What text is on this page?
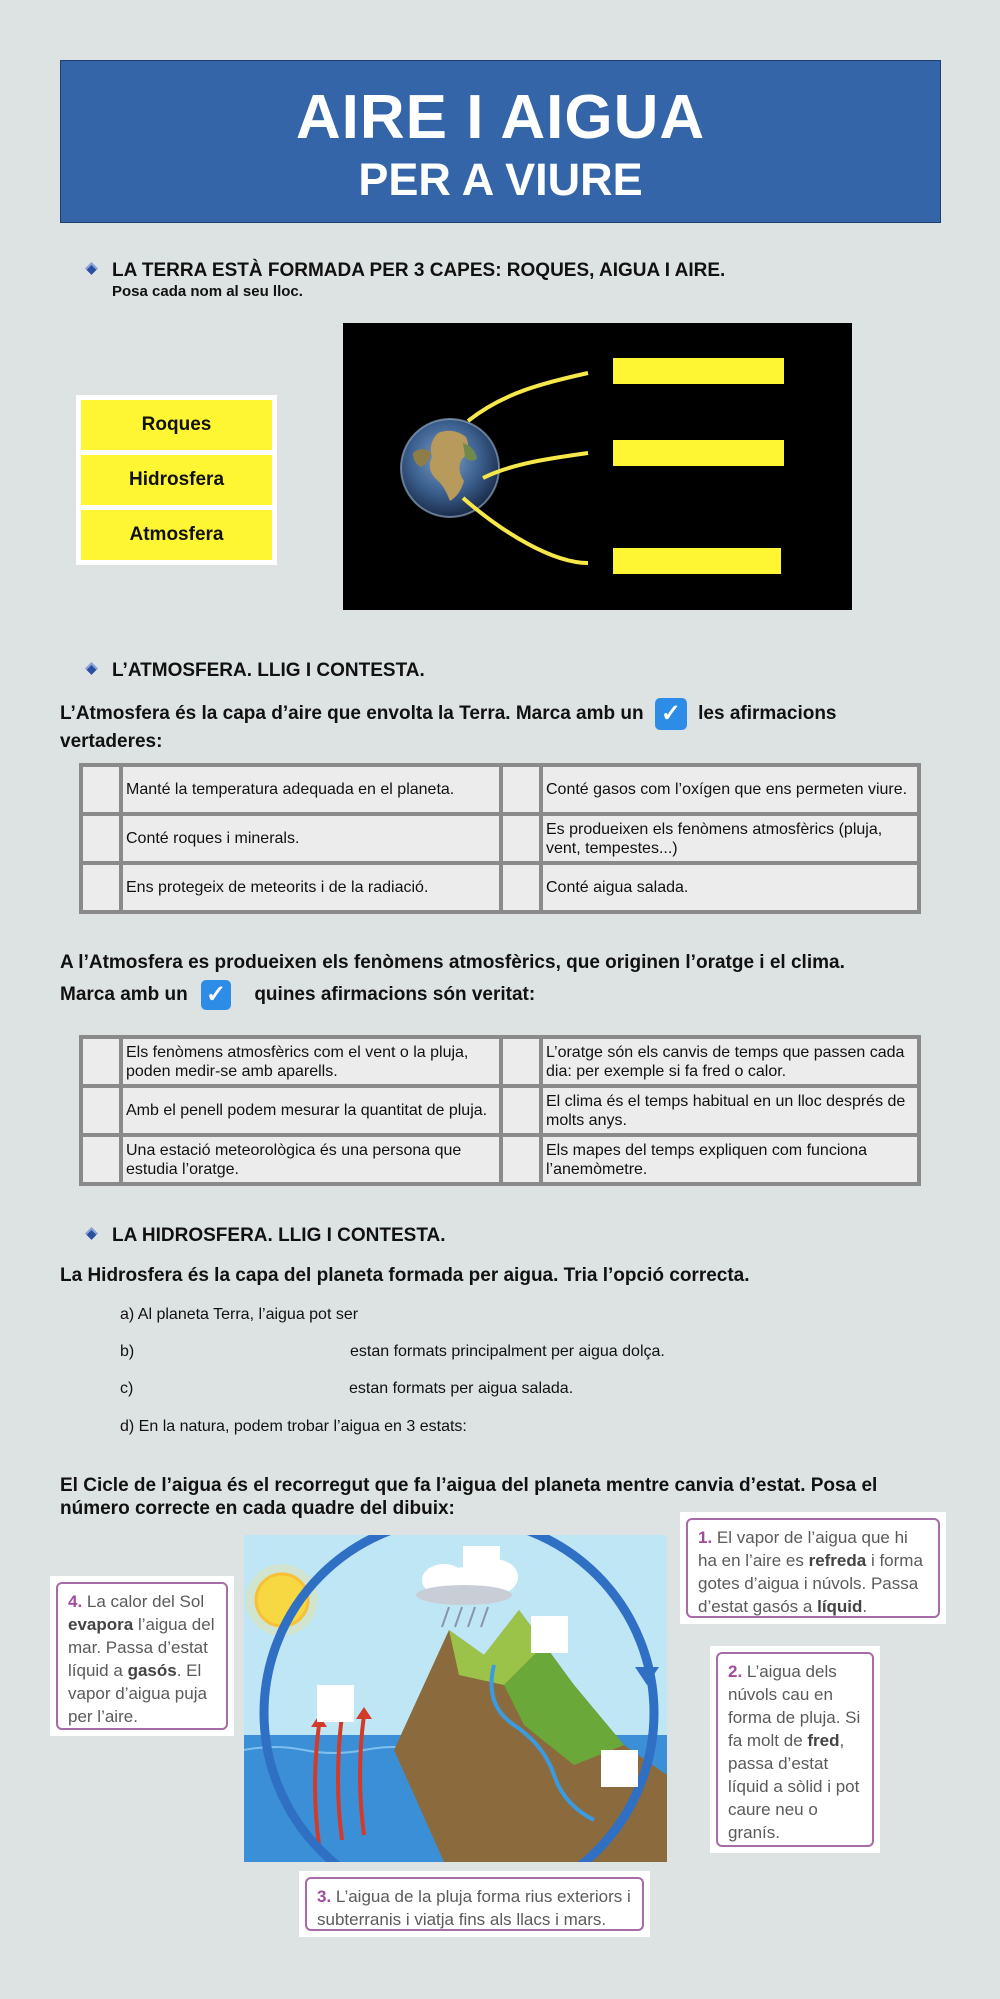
AIRE I AIGUA
PER A VIURE
LA TERRA ESTÀ FORMADA PER 3 CAPES: ROQUES, AIGUA I AIRE.
Posa cada nom al seu lloc.
Roques
Hidrosfera
Atmosfera
L’ATMOSFERA. LLIG I CONTESTA.
L’Atmosfera és la capa d’aire que envolta la Terra. Marca amb un ✓ les afirmacions
vertaderes:
	Manté la temperatura adequada en el planeta.		Conté gasos com l’oxígen que ens permeten viure.
	Conté roques i minerals.		Es produeixen els fenòmens atmosfèrics (pluja, vent, tempestes...)
	Ens protegeix de meteorits i de la radiació.		Conté aigua salada.
A l’Atmosfera es produeixen els fenòmens atmosfèrics, que originen l’oratge i el clima.
Marca amb un ✓ quines afirmacions són veritat:
	Els fenòmens atmosfèrics com el vent o la pluja, poden medir-se amb aparells.		L’oratge són els canvis de temps que passen cada dia: per exemple si fa fred o calor.
	Amb el penell podem mesurar la quantitat de pluja.		El clima és el temps habitual en un lloc després de molts anys.
	Una estació meteorològica és una persona que estudia l’oratge.		Els mapes del temps expliquen com funciona l’anemòmetre.
LA HIDROSFERA. LLIG I CONTESTA.
La Hidrosfera és la capa del planeta formada per aigua. Tria l’opció correcta.
a) Al planeta Terra, l’aigua pot ser
b)	estan formats principalment per aigua dolça.
c)	estan formats per aigua salada.
d) En la natura, podem trobar l’aigua en 3 estats:
El Cicle de l’aigua és el recorregut que fa l’aigua del planeta mentre canvia d’estat. Posa el
número correcte en cada quadre del dibuix:
1. El vapor de l’aigua que hi ha en l’aire es refreda i forma gotes d’aigua i núvols. Passa d’estat gasós a líquid.
4. La calor del Sol evapora l’aigua del mar. Passa d’estat líquid a gasós. El vapor d’aigua puja per l’aire.
2. L’aigua dels núvols cau en forma de pluja. Si fa molt de fred, passa d’estat líquid a sòlid i pot caure neu o granís.
3. L’aigua de la pluja forma rius exteriors i subterranis i viatja fins als llacs i mars.
